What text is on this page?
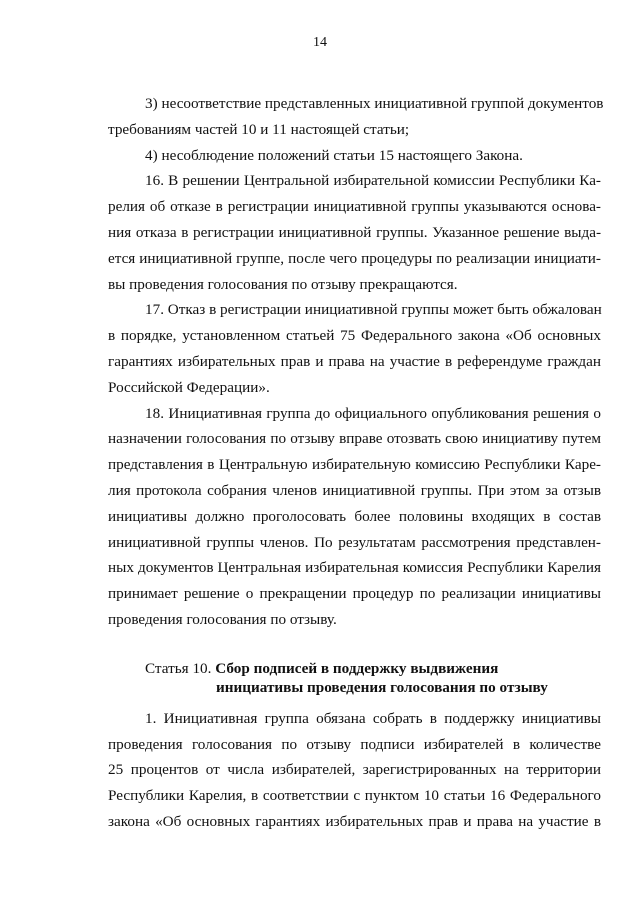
14
3) несоответствие представленных инициативной группой документов
требованиям частей 10 и 11 настоящей статьи;
4) несоблюдение положений статьи 15 настоящего Закона.
16. В решении Центральной избирательной комиссии Республики Ка-
релия об отказе в регистрации инициативной группы указываются основа-
ния отказа в регистрации инициативной группы. Указанное решение выда-
ется инициативной группе, после чего процедуры по реализации инициати-
вы проведения голосования по отзыву прекращаются.
17. Отказ в регистрации инициативной группы может быть обжалован
в порядке, установленном статьей 75 Федерального закона «Об основных
гарантиях избирательных прав и права на участие в референдуме граждан
Российской Федерации».
18. Инициативная группа до официального опубликования решения о
назначении голосования по отзыву вправе отозвать свою инициативу путем
представления в Центральную избирательную комиссию Республики Каре-
лия протокола собрания членов инициативной группы. При этом за отзыв
инициативы должно проголосовать более половины входящих в состав
инициативной группы членов. По результатам рассмотрения представлен-
ных документов Центральная избирательная комиссия Республики Карелия
принимает решение о прекращении процедур по реализации инициативы
проведения голосования по отзыву.
Статья 10. Сбор подписей в поддержку выдвижения
инициативы проведения голосования по отзыву
1. Инициативная группа обязана собрать в поддержку инициативы
проведения голосования по отзыву подписи избирателей в количестве
25 процентов от числа избирателей, зарегистрированных на территории
Республики Карелия, в соответствии с пунктом 10 статьи 16 Федерального
закона «Об основных гарантиях избирательных прав и права на участие в
